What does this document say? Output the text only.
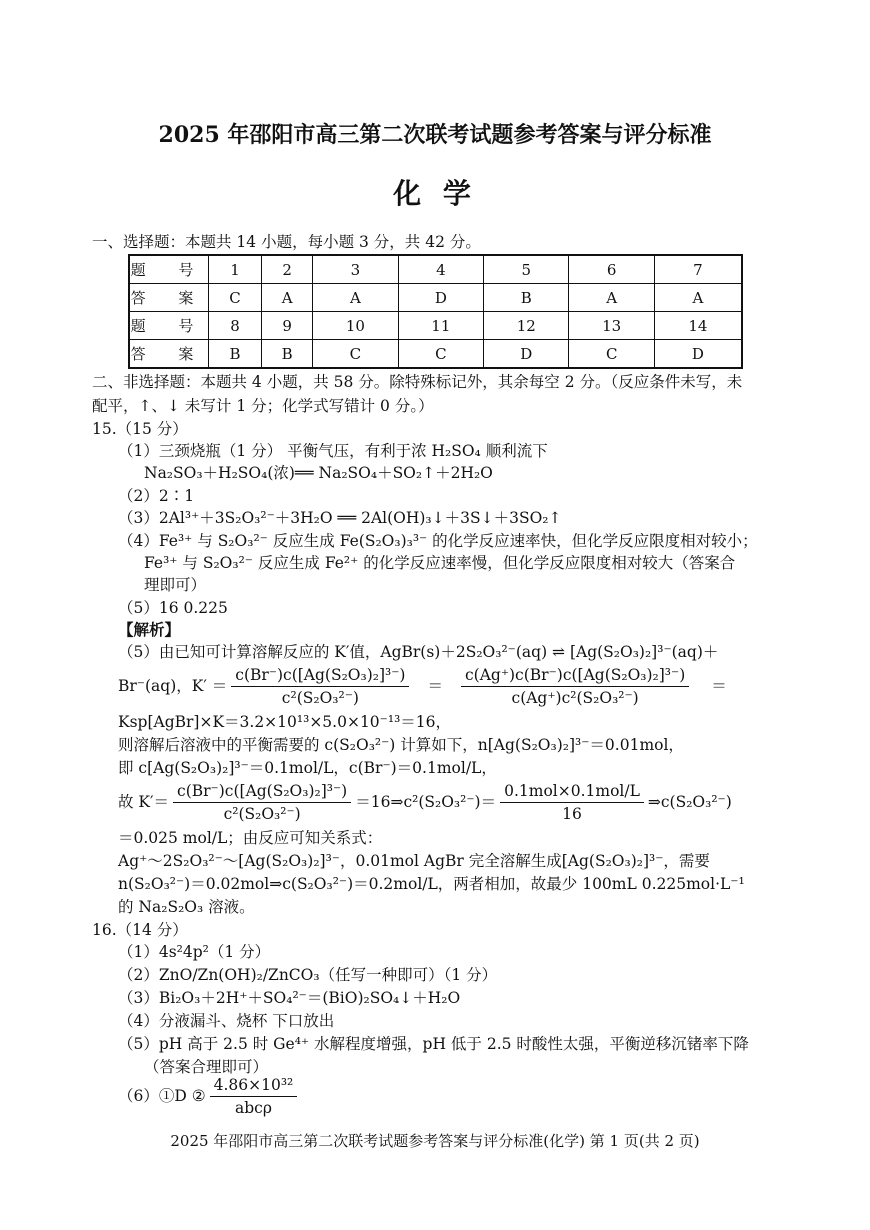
2025 年邵阳市高三第二次联考试题参考答案与评分标准
化 学
一、选择题：本题共 14 小题，每小题 3 分，共 42 分。
题 号	1	2	3	4	5	6	7
答 案	C	A	A	D	B	A	A
题 号	8	9	10	11	12	13	14
答 案	B	B	C	C	D	C	D
二、非选择题：本题共 4 小题，共 58 分。除特殊标记外，其余每空 2 分。（反应条件未写，未
配平，↑、↓ 未写计 1 分；化学式写错计 0 分。）
15.（15 分）
（1）三颈烧瓶（1 分） 平衡气压，有利于浓 H₂SO₄ 顺利流下
Na₂SO₃＋H₂SO₄(浓)══ Na₂SO₄＋SO₂↑＋2H₂O
（2）2∶1
（3）2Al³⁺＋3S₂O₃²⁻＋3H₂O ══ 2Al(OH)₃↓＋3S↓＋3SO₂↑
（4）Fe³⁺ 与 S₂O₃²⁻ 反应生成 Fe(S₂O₃)₃³⁻ 的化学反应速率快，但化学反应限度相对较小；
Fe³⁺ 与 S₂O₃²⁻ 反应生成 Fe²⁺ 的化学反应速率慢，但化学反应限度相对较大（答案合
理即可）
（5）16 0.225
【解析】
（5）由已知可计算溶解反应的 K′值，AgBr(s)＋2S₂O₃²⁻(aq) ⇌ [Ag(S₂O₃)₂]³⁻(aq)＋
Br⁻(aq)，$K' = \frac{\text{c(Br⁻)c([Ag(S₂O₃)₂]³⁻)}}{\text{c²(S₂O₃²⁻)}} = \frac{\text{c(Ag⁺)c(Br⁻)c([Ag(S₂O₃)₂]³⁻)}}{\text{c(Ag⁺)c²(S₂O₃²⁻)}}$ ＝
Ksp[AgBr]×K＝3.2×10¹³×5.0×10⁻¹³＝16，
则溶解后溶液中的平衡需要的 c(S₂O₃²⁻) 计算如下，n[Ag(S₂O₃)₂]³⁻＝0.01mol，
即 c[Ag(S₂O₃)₂]³⁻＝0.1mol/L，c(Br⁻)＝0.1mol/L，
故 $K'= \frac{\text{c(Br⁻)c([Ag(S₂O₃)₂]³⁻)}}{\text{c²(S₂O₃²⁻)}}$ ＝16⇒c²(S₂O₃²⁻)＝ $\frac{\text{0.1mol×0.1mol/L}}{16}$ ⇒c(S₂O₃²⁻)
＝0.025 mol/L；由反应可知关系式：
Ag⁺～2S₂O₃²⁻～[Ag(S₂O₃)₂]³⁻，0.01mol AgBr 完全溶解生成[Ag(S₂O₃)₂]³⁻，需要
n(S₂O₃²⁻)＝0.02mol⇒c(S₂O₃²⁻)＝0.2mol/L，两者相加，故最少 100mL 0.225mol·L⁻¹
的 Na₂S₂O₃ 溶液。
16.（14 分）
（1）4s²4p²（1 分）
（2）ZnO/Zn(OH)₂/ZnCO₃（任写一种即可）（1 分）
（3）Bi₂O₃＋2H⁺＋SO₄²⁻＝(BiO)₂SO₄↓＋H₂O
（4）分液漏斗、烧杯 下口放出
（5）pH 高于 2.5 时 Ge⁴⁺ 水解程度增强，pH 低于 2.5 时酸性太强，平衡逆移沉锗率下降
（答案合理即可）
（6）①D ② $\frac{\text{4.86×10³²}}{\text{abcρ}}$
2025 年邵阳市高三第二次联考试题参考答案与评分标准(化学) 第 1 页(共 2 页)
